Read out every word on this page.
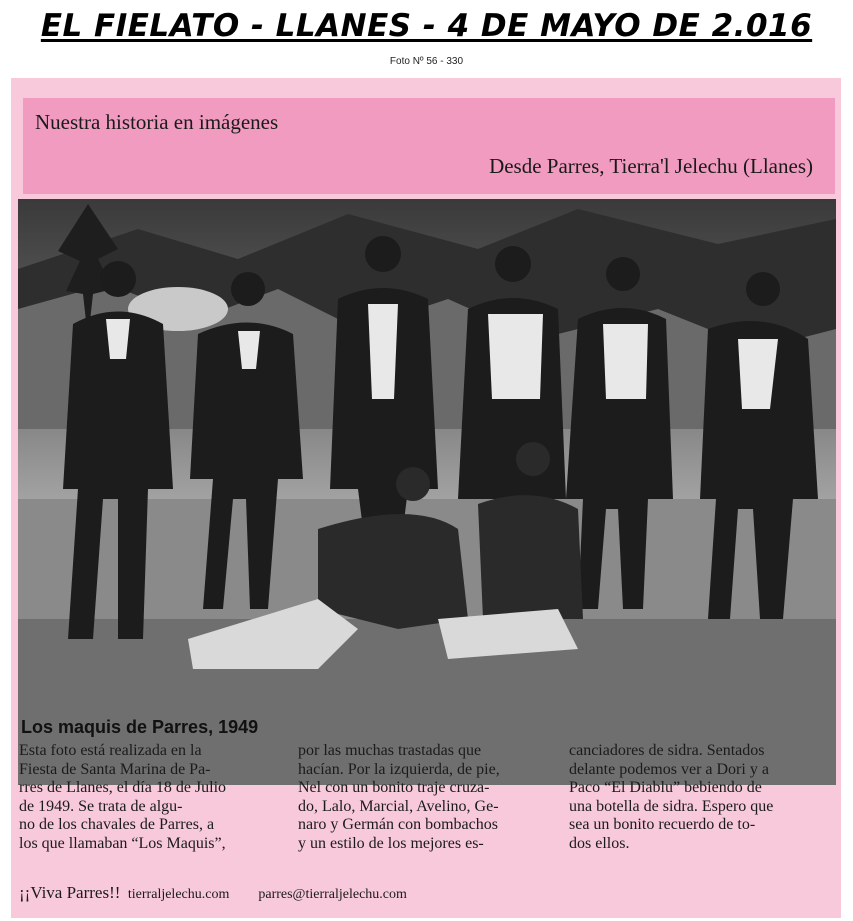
EL FIELATO - LLANES - 4 DE MAYO DE 2.016
Foto Nº 56 - 330
Nuestra historia en imágenes
Desde Parres, Tierra'l Jelechu (Llanes)
Los maquis de Parres, 1949
Esta foto está realizada en la
Fiesta de Santa Marina de Pa-
rres de Llanes, el día 18 de Julio
de 1949. Se trata de algu-
no de los chavales de Parres, a
los que llamaban “Los Maquis”,
por las muchas trastadas que
hacían. Por la izquierda, de pie,
Nel con un bonito traje cruza-
do, Lalo, Marcial, Avelino, Ge-
naro y Germán con bombachos
y un estilo de los mejores es-
canciadores de sidra. Sentados
delante podemos ver a Dori y a
Paco “El Diablu” bebiendo de
una botella de sidra. Espero que
sea un bonito recuerdo de to-
dos ellos.
¡¡Viva Parres!! tierraljelechu.com parres@tierraljelechu.com
